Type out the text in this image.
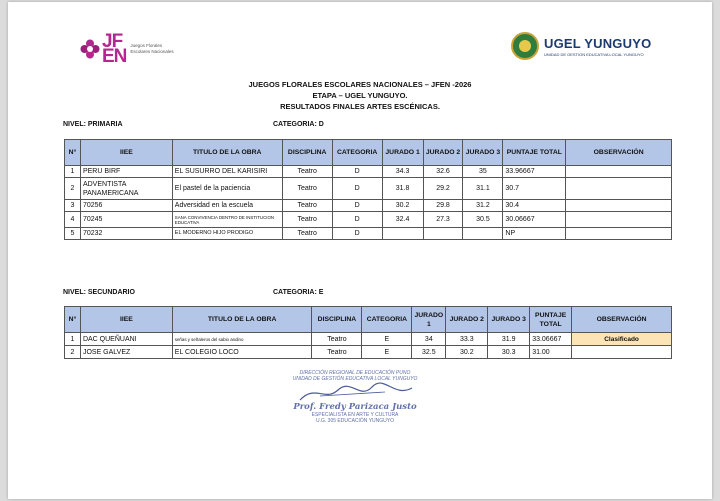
JF
EN
Juegos Florales
Escolares Nacionales
UGEL YUNGUYO
UNIDAD DE GESTION EDUCATIVA LOCAL YUNGUYO
JUEGOS FLORALES ESCOLARES NACIONALES – JFEN -2026
ETAPA – UGEL YUNGUYO.
RESULTADOS FINALES ARTES ESCÉNICAS.
NIVEL: PRIMARIA	CATEGORIA: D
N°	IIEE	TITULO DE LA OBRA	DISCIPLINA	CATEGORIA	JURADO 1	JURADO 2	JURADO 3	PUNTAJE TOTAL	OBSERVACIÓN
1	PERU BIRF	EL SUSURRO DEL KARISIRI	Teatro	D	34.3	32.6	35	33.96667	
2	ADVENTISTA PANAMERICANA	El pastel de la paciencia	Teatro	D	31.8	29.2	31.1	30.7	
3	70256	Adversidad en la escuela	Teatro	D	30.2	29.8	31.2	30.4	
4	70245	SANA CONVIVENCIA DENTRO DE INSTITUCION EDUCATIVA	Teatro	D	32.4	27.3	30.5	30.06667	
5	70232	EL MODERNO HIJO PRODIGO	Teatro	D				NP	
NIVEL: SECUNDARIO	CATEGORIA: E
N°	IIEE	TITULO DE LA OBRA	DISCIPLINA	CATEGORIA	JURADO 1	JURADO 2	JURADO 3	PUNTAJE TOTAL	OBSERVACIÓN
1	DAC QUEÑUANI	señas y señaleros del sabio andino	Teatro	E	34	33.3	31.9	33.06667	Clasificado
2	JOSE GALVEZ	EL COLEGIO LOCO	Teatro	E	32.5	30.2	30.3	31.00	
DIRECCIÓN REGIONAL DE EDUCACIÓN PUNO
UNIDAD DE GESTIÓN EDUCATIVA LOCAL YUNGUYO
Prof. Fredy Parizaca Justo
ESPECIALISTA EN ARTE Y CULTURA
U.G. 305 EDUCACIÓN YUNGUYO
